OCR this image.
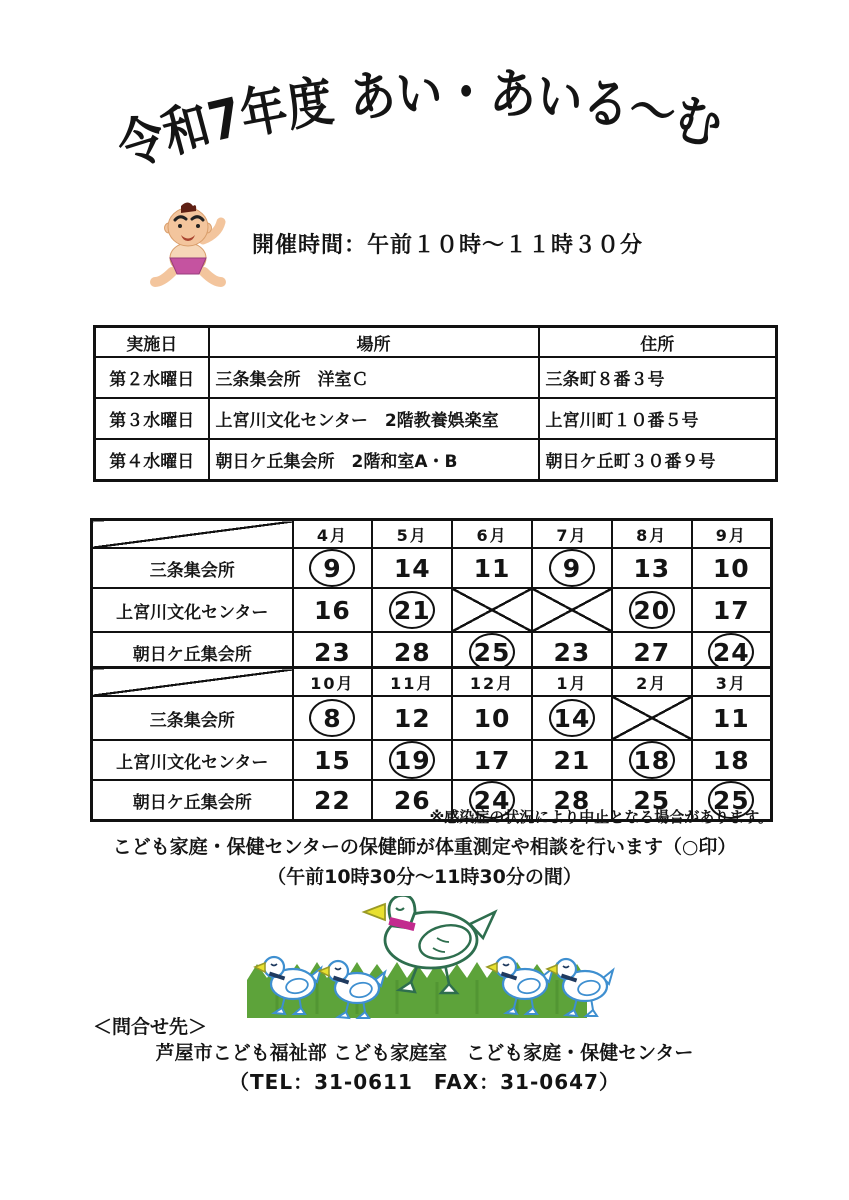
令和7年度 あい・あいる～む
開催時間：午前１０時～１１時３０分
実施日	場所	住所
第２水曜日	三条集会所　洋室Ｃ	三条町８番３号
第３水曜日	上宮川文化センター　2階教養娯楽室	上宮川町１０番５号
第４水曜日	朝日ケ丘集会所　2階和室A・B	朝日ケ丘町３０番９号
	4月	5月	6月	7月	8月	9月
三条集会所	9	14	11	9	13	10
上宮川文化センター	16	21			20	17
朝日ケ丘集会所	23	28	25	23	27	24
	10月	11月	12月	1月	2月	3月
三条集会所	8	12	10	14		11
上宮川文化センター	15	19	17	21	18	18
朝日ケ丘集会所	22	26	24	28	25	25
※感染症の状況により中止となる場合があります。
こども家庭・保健センターの保健師が体重測定や相談を行います（○印）
（午前10時30分～11時30分の間）
＜問合せ先＞
芦屋市こども福祉部 こども家庭室　こども家庭・保健センター
（TEL：31-0611　FAX：31-0647）
